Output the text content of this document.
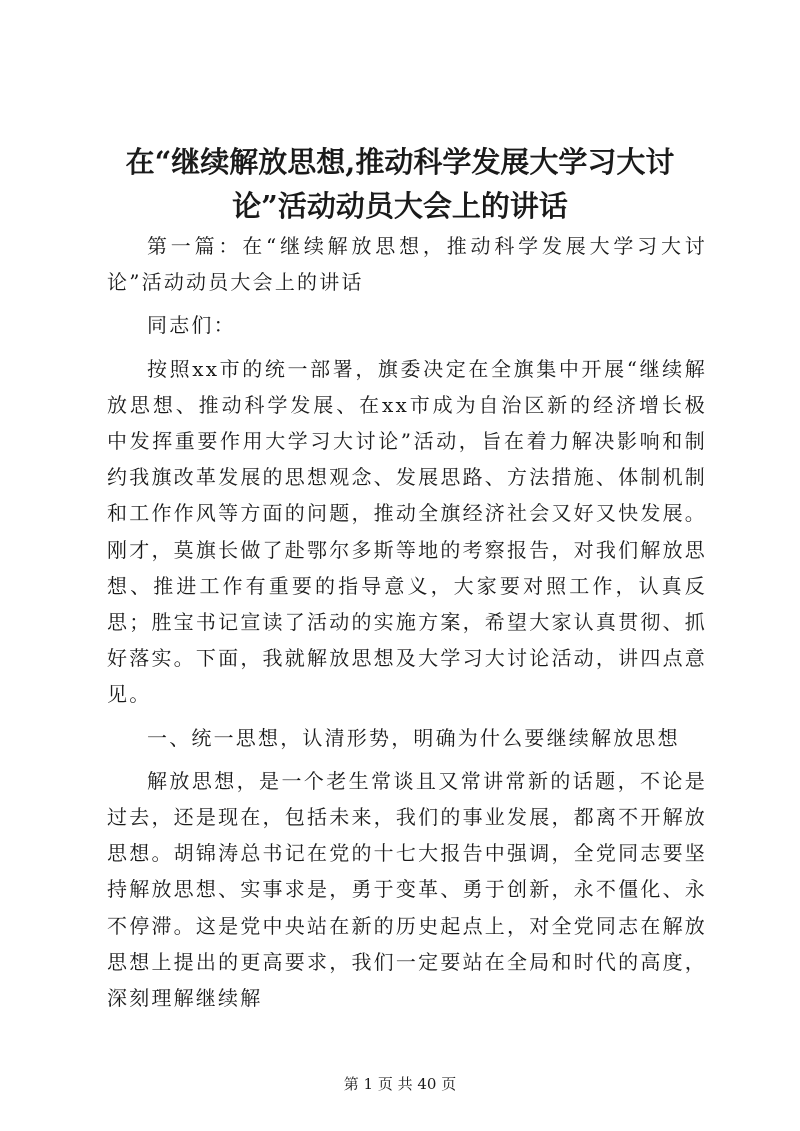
在“继续解放思想,推动科学发展大学习大讨论”活动动员大会上的讲话

第一篇：在“继续解放思想，推动科学发展大学习大讨论”活动动员大会上的讲话

同志们：

按照xx市的统一部署，旗委决定在全旗集中开展“继续解放思想、推动科学发展、在xx市成为自治区新的经济增长极中发挥重要作用大学习大讨论”活动，旨在着力解决影响和制约我旗改革发展的思想观念、发展思路、方法措施、体制机制和工作作风等方面的问题，推动全旗经济社会又好又快发展。刚才，莫旗长做了赴鄂尔多斯等地的考察报告，对我们解放思想、推进工作有重要的指导意义，大家要对照工作，认真反思；胜宝书记宣读了活动的实施方案，希望大家认真贯彻、抓好落实。下面，我就解放思想及大学习大讨论活动，讲四点意见。

一、统一思想，认清形势，明确为什么要继续解放思想

解放思想，是一个老生常谈且又常讲常新的话题，不论是过去，还是现在，包括未来，我们的事业发展，都离不开解放思想。胡锦涛总书记在党的十七大报告中强调，全党同志要坚持解放思想、实事求是，勇于变革、勇于创新，永不僵化、永不停滞。这是党中央站在新的历史起点上，对全党同志在解放思想上提出的更高要求，我们一定要站在全局和时代的高度，深刻理解继续解

第 1 页 共 40 页
